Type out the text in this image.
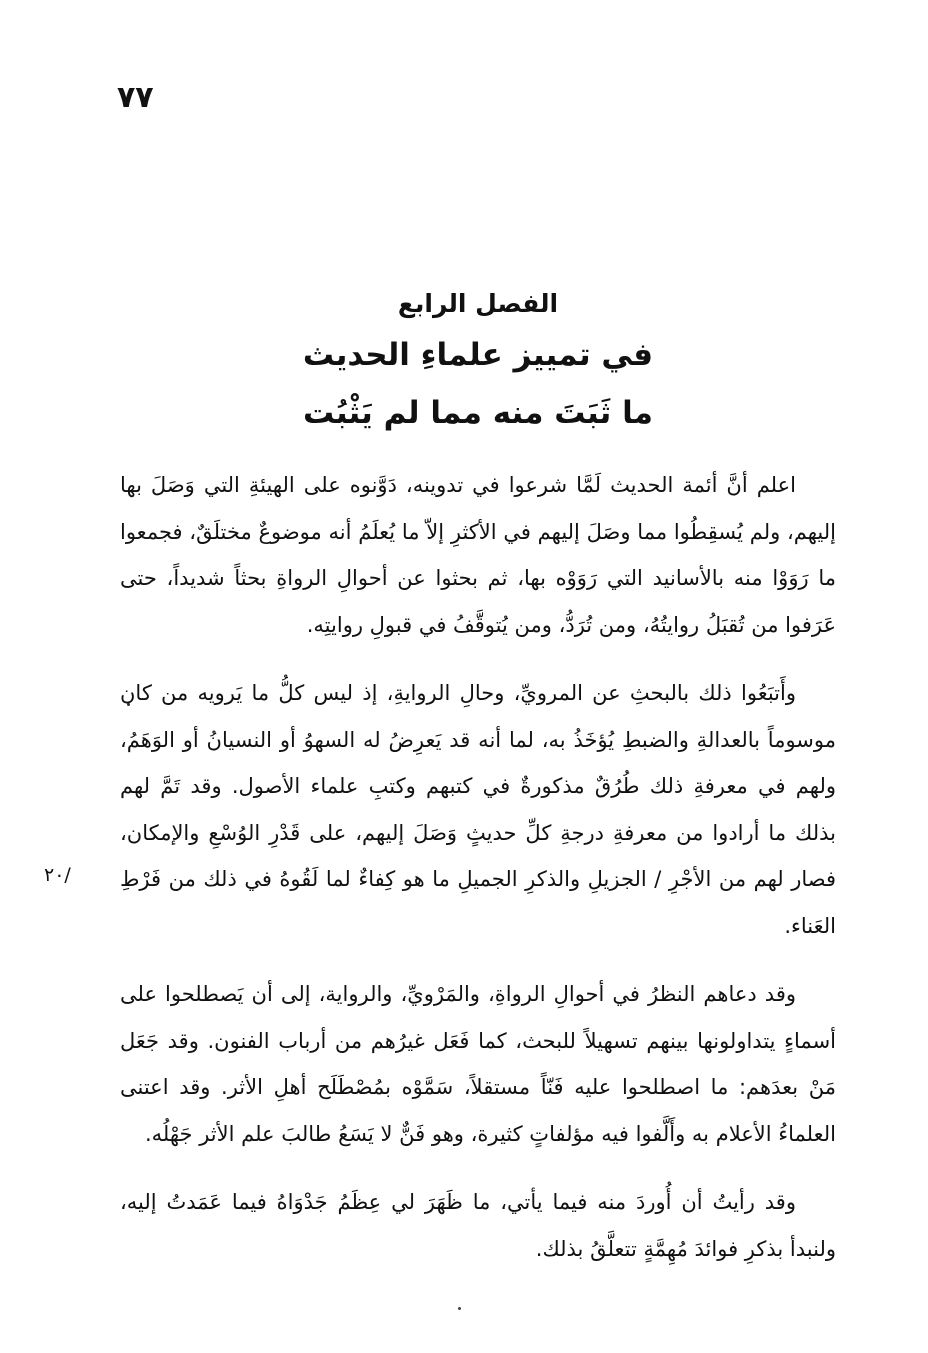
٧٧
٢٠/

الفصل الرابع

في تمييز علماءِ الحديث

ما ثَبَتَ منه مما لم يَثْبُت

اعلم أنَّ أئمة الحديث لَمَّا شرعوا في تدوينه، دَوَّنوه على الهيئةِ التي وَصَلَ بها إليهم، ولم يُسقِطُوا مما وصَلَ إليهم في الأكثرِ إلاّ ما يُعلَمُ أنه موضوعٌ مختلَقٌ، فجمعوا ما رَوَوْا منه بالأسانيد التي رَوَوْه بها، ثم بحثوا عن أحوالِ الرواةِ بحثاً شديداً، حتى عَرَفوا من تُقبَلُ روايتُهُ، ومن تُرَدُّ، ومن يُتوقَّفُ في قبولِ روايتِه.

وأَتبَعُوا ذلك بالبحثِ عن المرويِّ، وحالِ الروايةِ، إذ ليس كلُّ ما يَرويه من كان موسوماً بالعدالةِ والضبطِ يُؤخَذُ به، لما أنه قد يَعرِضُ له السهوُ أو النسيانُ أو الوَهَمُ، ولهم في معرفةِ ذلك طُرُقٌ مذكورةٌ في كتبهم وكتبِ علماء الأصول. وقد تَمَّ لهم بذلك ما أرادوا من معرفةِ درجةِ كلِّ حديثٍ وَصَلَ إليهم، على قَدْرِ الوُسْعِ والإمكان، فصار لهم من الأجْرِ / الجزيلِ والذكرِ الجميلِ ما هو كِفاءٌ لما لَقُوهُ في ذلك من فَرْطِ العَناء.

وقد دعاهم النظرُ في أحوالِ الرواةِ، والمَرْويِّ، والرواية، إلى أن يَصطلحوا على أسماءٍ يتداولونها بينهم تسهيلاً للبحث، كما فَعَل غيرُهم من أرباب الفنون. وقد جَعَل مَنْ بعدَهم: ما اصطلحوا عليه فَنّاً مستقلاً، سَمَّوْه بمُصْطَلَح أهلِ الأثر. وقد اعتنى العلماءُ الأعلام به وأَلَّفوا فيه مؤلفاتٍ كثيرة، وهو فَنٌّ لا يَسَعُ طالبَ علم الأثر جَهْلُه.

وقد رأيتُ أن أُوردَ منه فيما يأتي، ما ظَهَرَ لي عِظَمُ جَدْوَاهُ فيما عَمَدتُ إليه، ولنبدأ بذكرِ فوائدَ مُهِمَّةٍ تتعلَّقُ بذلك.
